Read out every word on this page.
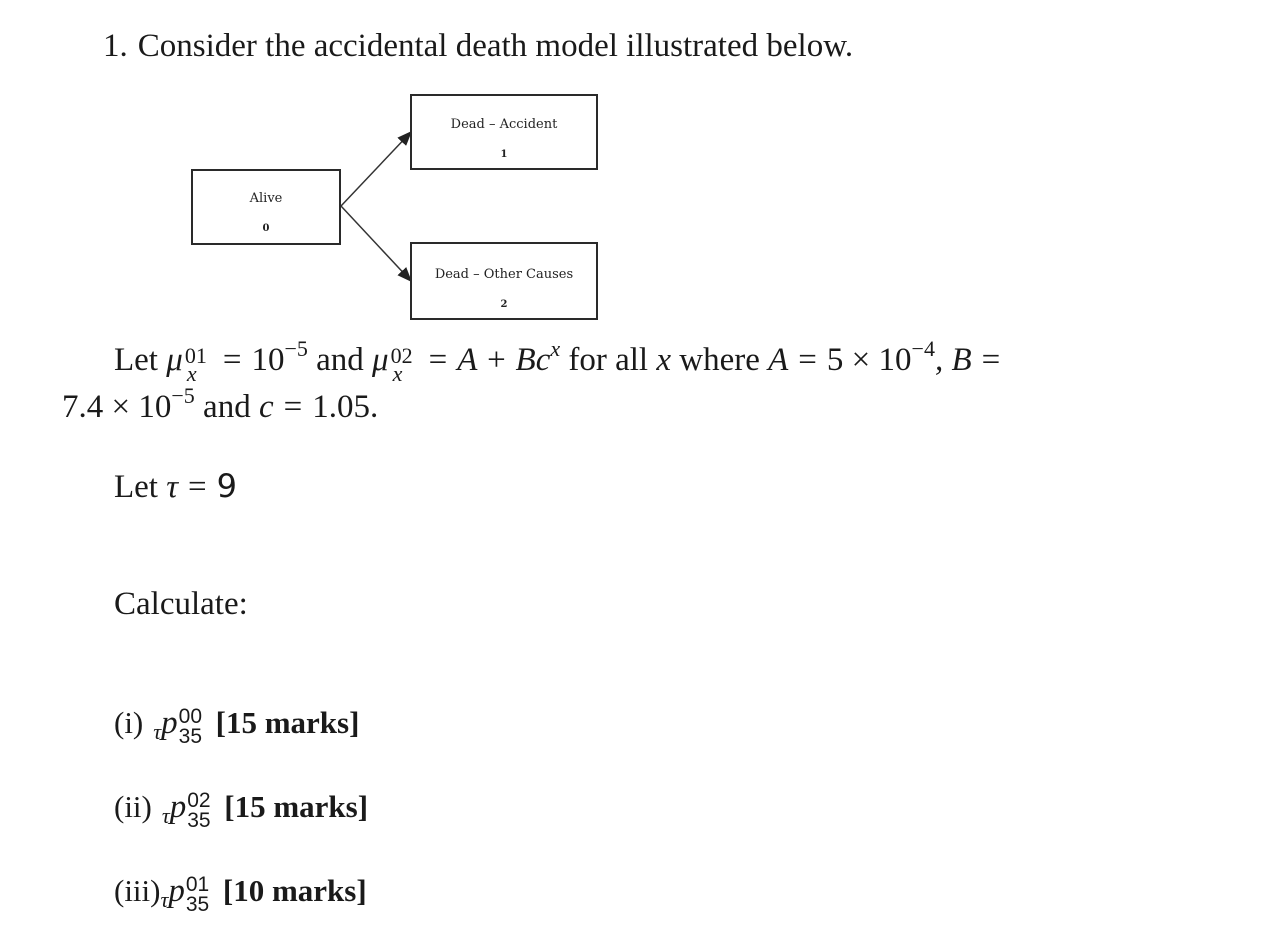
1. Consider the accidental death model illustrated below.
Alive
0
Dead – Accident
1
Dead – Other Causes
2
Let μ 01
$x = 10^{-5}$ and μ 02
$x = A + Bc^x$ for all x where $A = 5 \times 10^{-4}$, B =
$7.4 \times 10^{-5}$ and c = 1.05.
Let τ = 9
Calculate:
(i) τp 00
35 [15 marks]
(ii) τp 02
35 [15 marks]
(iii)τp 01
35 [10 marks]
